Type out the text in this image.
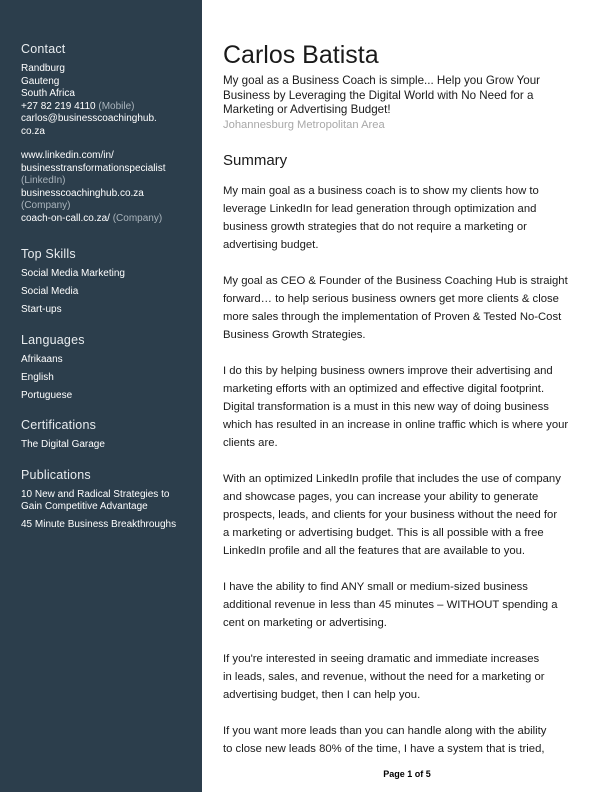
Contact
Randburg
Gauteng
South Africa
+27 82 219 4110 (Mobile)
carlos@businesscoachinghub.
co.za
www.linkedin.com/in/
businesstransformationspecialist
(LinkedIn)
businesscoachinghub.co.za
(Company)
coach-on-call.co.za/ (Company)
Top Skills
Social Media Marketing
Social Media
Start-ups
Languages
Afrikaans
English
Portuguese
Certifications
The Digital Garage
Publications
10 New and Radical Strategies to
Gain Competitive Advantage
45 Minute Business Breakthroughs
Carlos Batista
My goal as a Business Coach is simple... Help you Grow Your
Business by Leveraging the Digital World with No Need for a
Marketing or Advertising Budget!
Johannesburg Metropolitan Area
Summary
My main goal as a business coach is to show my clients how to
leverage LinkedIn for lead generation through optimization and
business growth strategies that do not require a marketing or
advertising budget.
My goal as CEO & Founder of the Business Coaching Hub is straight
forward… to help serious business owners get more clients & close
more sales through the implementation of Proven & Tested No-Cost
Business Growth Strategies.
I do this by helping business owners improve their advertising and
marketing efforts with an optimized and effective digital footprint.
Digital transformation is a must in this new way of doing business
which has resulted in an increase in online traffic which is where your
clients are.
With an optimized LinkedIn profile that includes the use of company
and showcase pages, you can increase your ability to generate
prospects, leads, and clients for your business without the need for
a marketing or advertising budget. This is all possible with a free
LinkedIn profile and all the features that are available to you.
I have the ability to find ANY small or medium-sized business
additional revenue in less than 45 minutes – WITHOUT spending a
cent on marketing or advertising.
If you're interested in seeing dramatic and immediate increases
in leads, sales, and revenue, without the need for a marketing or
advertising budget, then I can help you.
If you want more leads than you can handle along with the ability
to close new leads 80% of the time, I have a system that is tried,
Page 1 of 5
